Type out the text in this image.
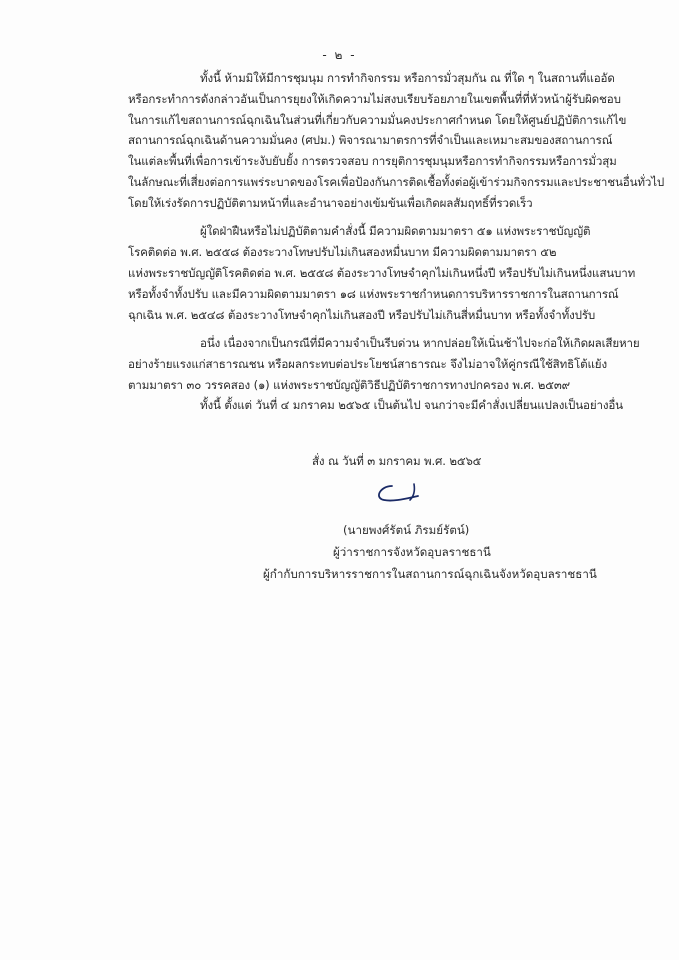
- ๒ -
ทั้งนี้ ห้ามมิให้มีการชุมนุม การทำกิจกรรม หรือการมั่วสุมกัน ณ ที่ใด ๆ ในสถานที่แออัด
หรือกระทำการดังกล่าวอันเป็นการยุยงให้เกิดความไม่สงบเรียบร้อยภายในเขตพื้นที่ที่หัวหน้าผู้รับผิดชอบ
ในการแก้ไขสถานการณ์ฉุกเฉินในส่วนที่เกี่ยวกับความมั่นคงประกาศกำหนด โดยให้ศูนย์ปฏิบัติการแก้ไข
สถานการณ์ฉุกเฉินด้านความมั่นคง (ศปม.) พิจารณามาตรการที่จำเป็นและเหมาะสมของสถานการณ์
ในแต่ละพื้นที่เพื่อการเข้าระงับยับยั้ง การตรวจสอบ การยุติการชุมนุมหรือการทำกิจกรรมหรือการมั่วสุม
ในลักษณะที่เสี่ยงต่อการแพร่ระบาดของโรคเพื่อป้องกันการติดเชื้อทั้งต่อผู้เข้าร่วมกิจกรรมและประชาชนอื่นทั่วไป
โดยให้เร่งรัดการปฏิบัติตามหน้าที่และอำนาจอย่างเข้มข้นเพื่อเกิดผลสัมฤทธิ์ที่รวดเร็ว
ผู้ใดฝ่าฝืนหรือไม่ปฏิบัติตามคำสั่งนี้ มีความผิดตามมาตรา ๕๑ แห่งพระราชบัญญัติ
โรคติดต่อ พ.ศ. ๒๕๕๘ ต้องระวางโทษปรับไม่เกินสองหมื่นบาท มีความผิดตามมาตรา ๕๒
แห่งพระราชบัญญัติโรคติดต่อ พ.ศ. ๒๕๕๘ ต้องระวางโทษจำคุกไม่เกินหนึ่งปี หรือปรับไม่เกินหนึ่งแสนบาท
หรือทั้งจำทั้งปรับ และมีความผิดตามมาตรา ๑๘ แห่งพระราชกำหนดการบริหารราชการในสถานการณ์
ฉุกเฉิน พ.ศ. ๒๕๔๘ ต้องระวางโทษจำคุกไม่เกินสองปี หรือปรับไม่เกินสี่หมื่นบาท หรือทั้งจำทั้งปรับ
อนึ่ง เนื่องจากเป็นกรณีที่มีความจำเป็นรีบด่วน หากปล่อยให้เนิ่นช้าไปจะก่อให้เกิดผลเสียหาย
อย่างร้ายแรงแก่สาธารณชน หรือผลกระทบต่อประโยชน์สาธารณะ จึงไม่อาจให้คู่กรณีใช้สิทธิโต้แย้ง
ตามมาตรา ๓๐ วรรคสอง (๑) แห่งพระราชบัญญัติวิธีปฏิบัติราชการทางปกครอง พ.ศ. ๒๕๓๙
ทั้งนี้ ตั้งแต่ วันที่ ๔ มกราคม ๒๕๖๕ เป็นต้นไป จนกว่าจะมีคำสั่งเปลี่ยนแปลงเป็นอย่างอื่น
สั่ง ณ วันที่ ๓ มกราคม พ.ศ. ๒๕๖๕
(นายพงศ์รัตน์ ภิรมย์รัตน์)
ผู้ว่าราชการจังหวัดอุบลราชธานี
ผู้กำกับการบริหารราชการในสถานการณ์ฉุกเฉินจังหวัดอุบลราชธานี
